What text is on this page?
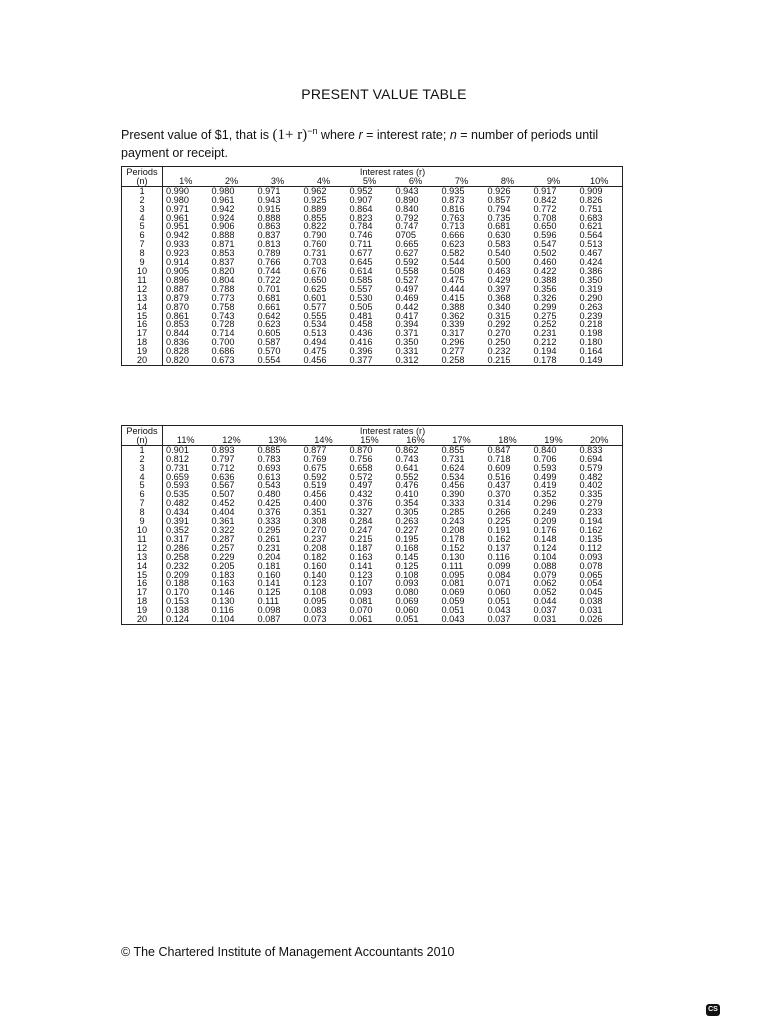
PRESENT VALUE TABLE
Present value of $1, that is $(1+ r)^{-n}$ where r = interest rate; n = number of periods until payment or receipt.
Periods	Interest rates (r)									
(n)	1%	2%	3%	4%	5%	6%	7%	8%	9%	10%
1	0.990	0.980	0.971	0.962	0.952	0.943	0.935	0.926	0.917	0.909
2	0.980	0.961	0.943	0.925	0.907	0.890	0.873	0.857	0.842	0.826
3	0.971	0.942	0.915	0.889	0.864	0.840	0.816	0.794	0.772	0.751
4	0.961	0.924	0.888	0.855	0.823	0.792	0.763	0.735	0.708	0.683
5	0.951	0.906	0.863	0.822	0.784	0.747	0.713	0.681	0.650	0.621
6	0.942	0.888	0.837	0.790	0.746	0705	0.666	0.630	0.596	0.564
7	0.933	0.871	0.813	0.760	0.711	0.665	0.623	0.583	0.547	0.513
8	0.923	0.853	0.789	0.731	0.677	0.627	0.582	0.540	0.502	0.467
9	0.914	0.837	0.766	0.703	0.645	0.592	0.544	0.500	0.460	0.424
10	0.905	0.820	0.744	0.676	0.614	0.558	0.508	0.463	0.422	0.386
11	0.896	0.804	0.722	0.650	0.585	0.527	0.475	0.429	0.388	0.350
12	0.887	0.788	0.701	0.625	0.557	0.497	0.444	0.397	0.356	0.319
13	0.879	0.773	0.681	0.601	0.530	0.469	0.415	0.368	0.326	0.290
14	0.870	0.758	0.661	0.577	0.505	0.442	0.388	0.340	0.299	0.263
15	0.861	0.743	0.642	0.555	0.481	0.417	0.362	0.315	0.275	0.239
16	0.853	0.728	0.623	0.534	0.458	0.394	0.339	0.292	0.252	0.218
17	0.844	0.714	0.605	0.513	0.436	0.371	0.317	0.270	0.231	0.198
18	0.836	0.700	0.587	0.494	0.416	0.350	0.296	0.250	0.212	0.180
19	0.828	0.686	0.570	0.475	0.396	0.331	0.277	0.232	0.194	0.164
20	0.820	0.673	0.554	0.456	0.377	0.312	0.258	0.215	0.178	0.149
Periods	Interest rates (r)									
(n)	11%	12%	13%	14%	15%	16%	17%	18%	19%	20%
1	0.901	0.893	0.885	0.877	0.870	0.862	0.855	0.847	0.840	0.833
2	0.812	0.797	0.783	0.769	0.756	0.743	0.731	0.718	0.706	0.694
3	0.731	0.712	0.693	0.675	0.658	0.641	0.624	0.609	0.593	0.579
4	0.659	0.636	0.613	0.592	0.572	0.552	0.534	0.516	0.499	0.482
5	0.593	0.567	0.543	0.519	0.497	0.476	0.456	0.437	0.419	0.402
6	0.535	0.507	0.480	0.456	0.432	0.410	0.390	0.370	0.352	0.335
7	0.482	0.452	0.425	0.400	0.376	0.354	0.333	0.314	0.296	0.279
8	0.434	0.404	0.376	0.351	0.327	0.305	0.285	0.266	0.249	0.233
9	0.391	0.361	0.333	0.308	0.284	0.263	0.243	0.225	0.209	0.194
10	0.352	0.322	0.295	0.270	0.247	0.227	0.208	0.191	0.176	0.162
11	0.317	0.287	0.261	0.237	0.215	0.195	0.178	0.162	0.148	0.135
12	0.286	0.257	0.231	0.208	0.187	0.168	0.152	0.137	0.124	0.112
13	0.258	0.229	0.204	0.182	0.163	0.145	0.130	0.116	0.104	0.093
14	0.232	0.205	0.181	0.160	0.141	0.125	0.111	0.099	0.088	0.078
15	0.209	0.183	0.160	0.140	0.123	0.108	0.095	0.084	0.079	0.065
16	0.188	0.163	0.141	0.123	0.107	0.093	0.081	0.071	0.062	0.054
17	0.170	0.146	0.125	0.108	0.093	0.080	0.069	0.060	0.052	0.045
18	0.153	0.130	0.111	0.095	0.081	0.069	0.059	0.051	0.044	0.038
19	0.138	0.116	0.098	0.083	0.070	0.060	0.051	0.043	0.037	0.031
20	0.124	0.104	0.087	0.073	0.061	0.051	0.043	0.037	0.031	0.026
© The Chartered Institute of Management Accountants 2010
CS
